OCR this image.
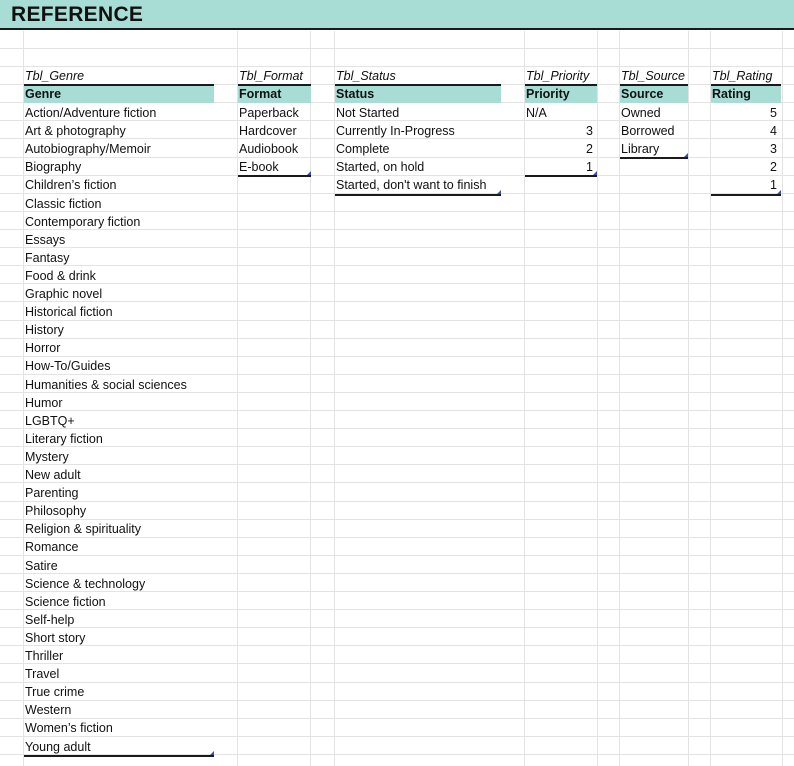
REFERENCE
Tbl_Genre
Genre
Action/Adventure fiction
Art & photography
Autobiography/Memoir
Biography
Children’s fiction
Classic fiction
Contemporary fiction
Essays
Fantasy
Food & drink
Graphic novel
Historical fiction
History
Horror
How-To/Guides
Humanities & social sciences
Humor
LGBTQ+
Literary fiction
Mystery
New adult
Parenting
Philosophy
Religion & spirituality
Romance
Satire
Science & technology
Science fiction
Self-help
Short story
Thriller
Travel
True crime
Western
Women’s fiction
Young adult
Tbl_Format
Format
Paperback
Hardcover
Audiobook
E-book
Tbl_Status
Status
Not Started
Currently In-Progress
Complete
Started, on hold
Started, don't want to finish
Tbl_Priority
Priority
N/A
3
2
1
Tbl_Source
Source
Owned
Borrowed
Library
Tbl_Rating
Rating
5
4
3
2
1
